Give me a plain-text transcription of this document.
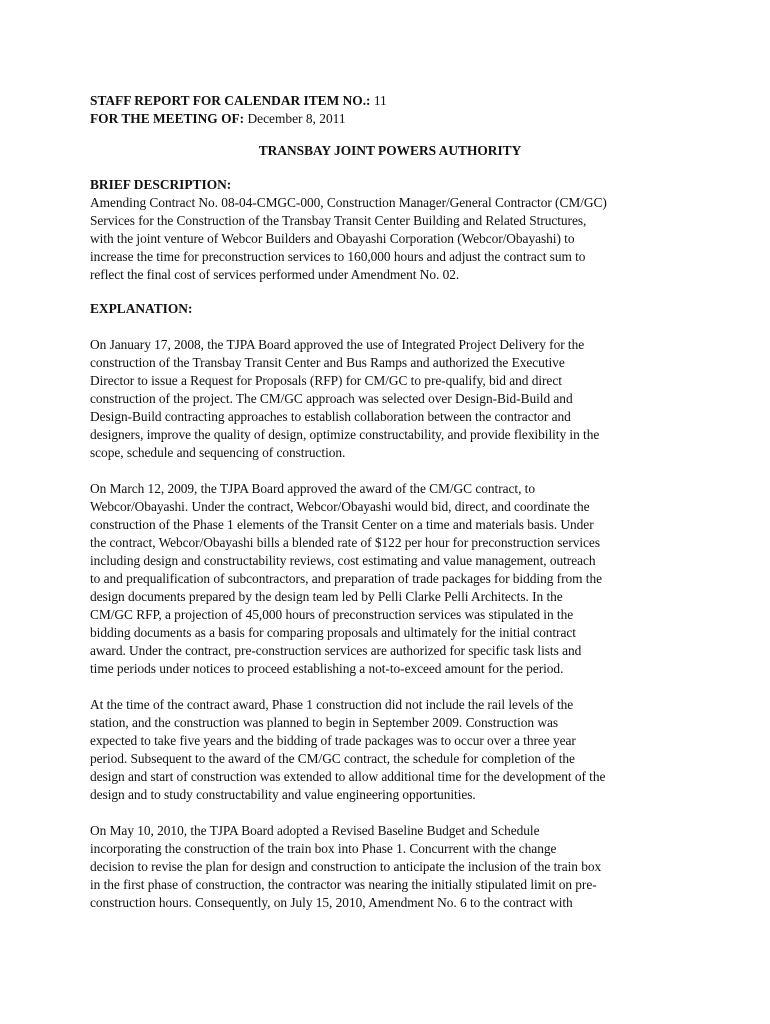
STAFF REPORT FOR CALENDAR ITEM NO.: 11
FOR THE MEETING OF: December 8, 2011
TRANSBAY JOINT POWERS AUTHORITY
BRIEF DESCRIPTION:
Amending Contract No. 08-04-CMGC-000, Construction Manager/General Contractor (CM/GC)
Services for the Construction of the Transbay Transit Center Building and Related Structures,
with the joint venture of Webcor Builders and Obayashi Corporation (Webcor/Obayashi) to
increase the time for preconstruction services to 160,000 hours and adjust the contract sum to
reflect the final cost of services performed under Amendment No. 02.
EXPLANATION:
On January 17, 2008, the TJPA Board approved the use of Integrated Project Delivery for the
construction of the Transbay Transit Center and Bus Ramps and authorized the Executive
Director to issue a Request for Proposals (RFP) for CM/GC to pre-qualify, bid and direct
construction of the project. The CM/GC approach was selected over Design-Bid-Build and
Design-Build contracting approaches to establish collaboration between the contractor and
designers, improve the quality of design, optimize constructability, and provide flexibility in the
scope, schedule and sequencing of construction.
On March 12, 2009, the TJPA Board approved the award of the CM/GC contract, to
Webcor/Obayashi. Under the contract, Webcor/Obayashi would bid, direct, and coordinate the
construction of the Phase 1 elements of the Transit Center on a time and materials basis. Under
the contract, Webcor/Obayashi bills a blended rate of $122 per hour for preconstruction services
including design and constructability reviews, cost estimating and value management, outreach
to and prequalification of subcontractors, and preparation of trade packages for bidding from the
design documents prepared by the design team led by Pelli Clarke Pelli Architects. In the
CM/GC RFP, a projection of 45,000 hours of preconstruction services was stipulated in the
bidding documents as a basis for comparing proposals and ultimately for the initial contract
award. Under the contract, pre-construction services are authorized for specific task lists and
time periods under notices to proceed establishing a not-to-exceed amount for the period.
At the time of the contract award, Phase 1 construction did not include the rail levels of the
station, and the construction was planned to begin in September 2009. Construction was
expected to take five years and the bidding of trade packages was to occur over a three year
period. Subsequent to the award of the CM/GC contract, the schedule for completion of the
design and start of construction was extended to allow additional time for the development of the
design and to study constructability and value engineering opportunities.
On May 10, 2010, the TJPA Board adopted a Revised Baseline Budget and Schedule
incorporating the construction of the train box into Phase 1. Concurrent with the change
decision to revise the plan for design and construction to anticipate the inclusion of the train box
in the first phase of construction, the contractor was nearing the initially stipulated limit on pre-
construction hours. Consequently, on July 15, 2010, Amendment No. 6 to the contract with
